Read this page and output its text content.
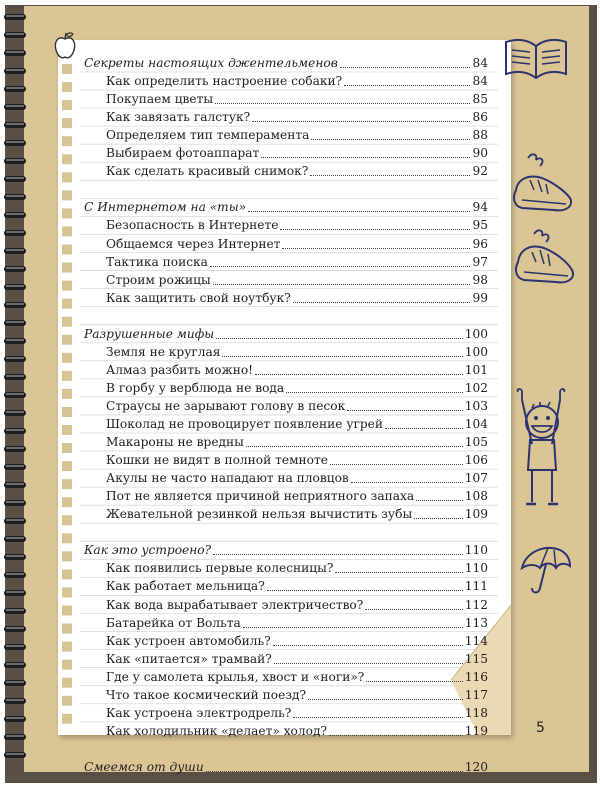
Секреты настоящих джентельменов	84
Как определить настроение собаки?	84
Покупаем цветы	85
Как завязать галстук?	86
Определяем тип темперамента	88
Выбираем фотоаппарат	90
Как сделать красивый снимок?	92
С Интернетом на «ты»	94
Безопасность в Интернете	95
Общаемся через Интернет	96
Тактика поиска	97
Строим рожицы	98
Как защитить свой ноутбук?	99
Разрушенные мифы	100
Земля не круглая	100
Алмаз разбить можно!	101
В горбу у верблюда не вода	102
Страусы не зарывают голову в песок	103
Шоколад не провоцирует появление угрей	104
Макароны не вредны	105
Кошки не видят в полной темноте	106
Акулы не часто нападают на пловцов	107
Пот не является причиной неприятного запаха	108
Жевательной резинкой нельзя вычистить зубы	109
Как это устроено?	110
Как появились первые колесницы?	110
Как работает мельница?	111
Как вода вырабатывает электричество?	112
Батарейка от Вольта	113
Как устроен автомобиль?	114
Как «питается» трамвай?	115
Где у самолета крылья, хвост и «ноги»?	116
Что такое космический поезд?	117
Как устроена электродрель?	118
Как холодильник «делает» холод?	119
Смеемся от души	120
5
